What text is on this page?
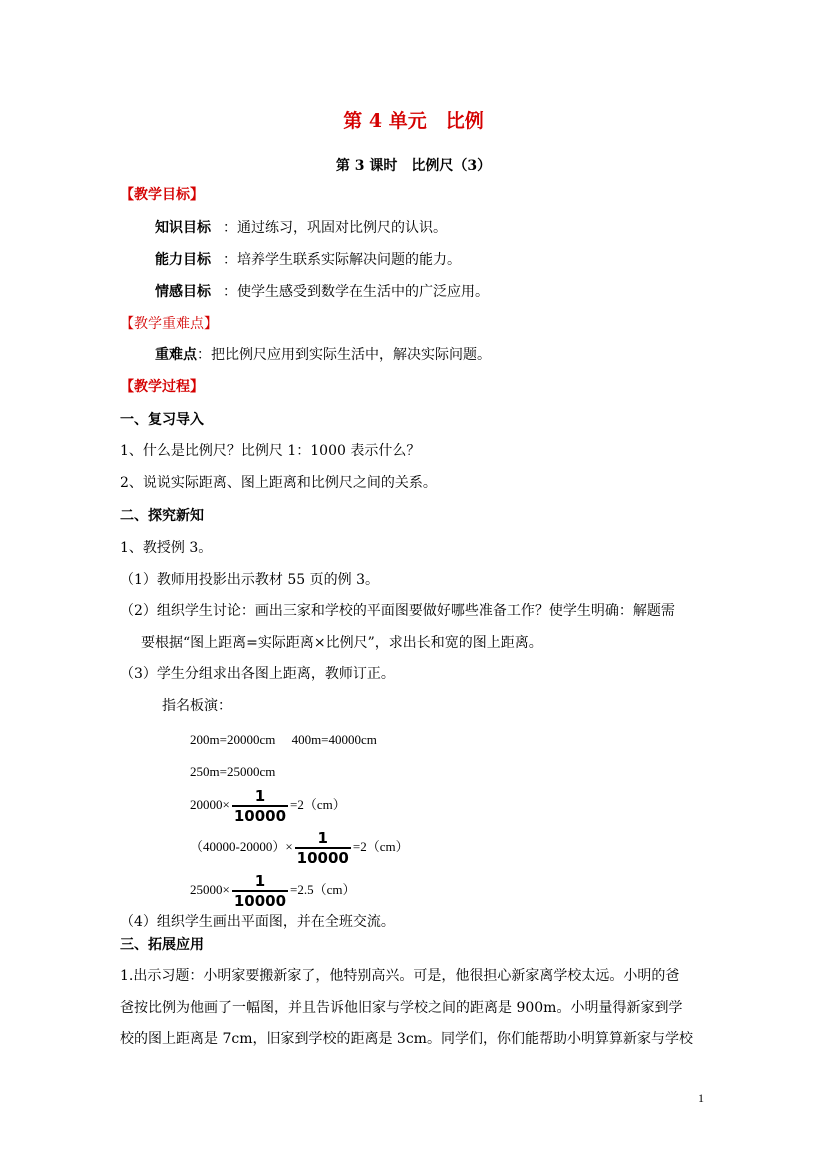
第 4 单元　比例
第 3 课时　比例尺（3）
【教学目标】
知识目标 ：通过练习，巩固对比例尺的认识。
能力目标 ：培养学生联系实际解决问题的能力。
情感目标 ：使学生感受到数学在生活中的广泛应用。
【教学重难点】
重难点：把比例尺应用到实际生活中，解决实际问题。
【教学过程】
一、复习导入
1、什么是比例尺？比例尺 1：1000 表示什么？
2、说说实际距离、图上距离和比例尺之间的关系。
二、探究新知
1、教授例 3。
（1）教师用投影出示教材 55 页的例 3。
（2）组织学生讨论：画出三家和学校的平面图要做好哪些准备工作？使学生明确：解题需
要根据“图上距离=实际距离×比例尺”，求出长和宽的图上距离。
（3）学生分组求出各图上距离，教师订正。
指名板演：
200m=20000cm　 400m=40000cm
250m=25000cm
$20000\times \frac{1}{10000} =2(cm)$
$(40000-20000)\times \frac{1}{10000} =2(cm)$
$25000\times \frac{1}{10000} =2.5(cm)$
（4）组织学生画出平面图，并在全班交流。
三、拓展应用
1.出示习题：小明家要搬新家了，他特别高兴。可是，他很担心新家离学校太远。小明的爸
爸按比例为他画了一幅图，并且告诉他旧家与学校之间的距离是 900m。小明量得新家到学
校的图上距离是 7cm，旧家到学校的距离是 3cm。同学们，你们能帮助小明算算新家与学校
1
